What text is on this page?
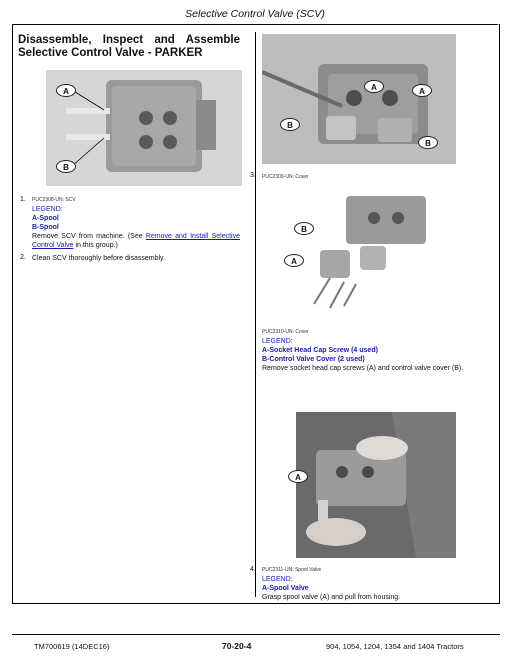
Selective Control Valve (SCV)
Disassemble, Inspect and Assemble Selective Control Valve - PARKER
A
B
1. PUC2308-UN: SCV
LEGEND:
A-Spool
B-Spool
Remove SCV from machine. (See Remove and Install Selective Control Valve in this group.)
2. Clean SCV thoroughly before disassembly.
A	A
B
B
3. PUC2309-UN: Cover
B
A
PUC2310-UN: Cover
LEGEND:
A-Socket Head Cap Screw (4 used)
B-Control Valve Cover (2 used)
Remove socket head cap screws (A) and control valve cover (B).
A
4. PUC2311-UN: Spool Valve
LEGEND:
A-Spool Valve
Grasp spool valve (A) and pull from housing.
TM700619 (14DEC16)	70-20-4	904, 1054, 1204, 1354 and 1404 Tractors
